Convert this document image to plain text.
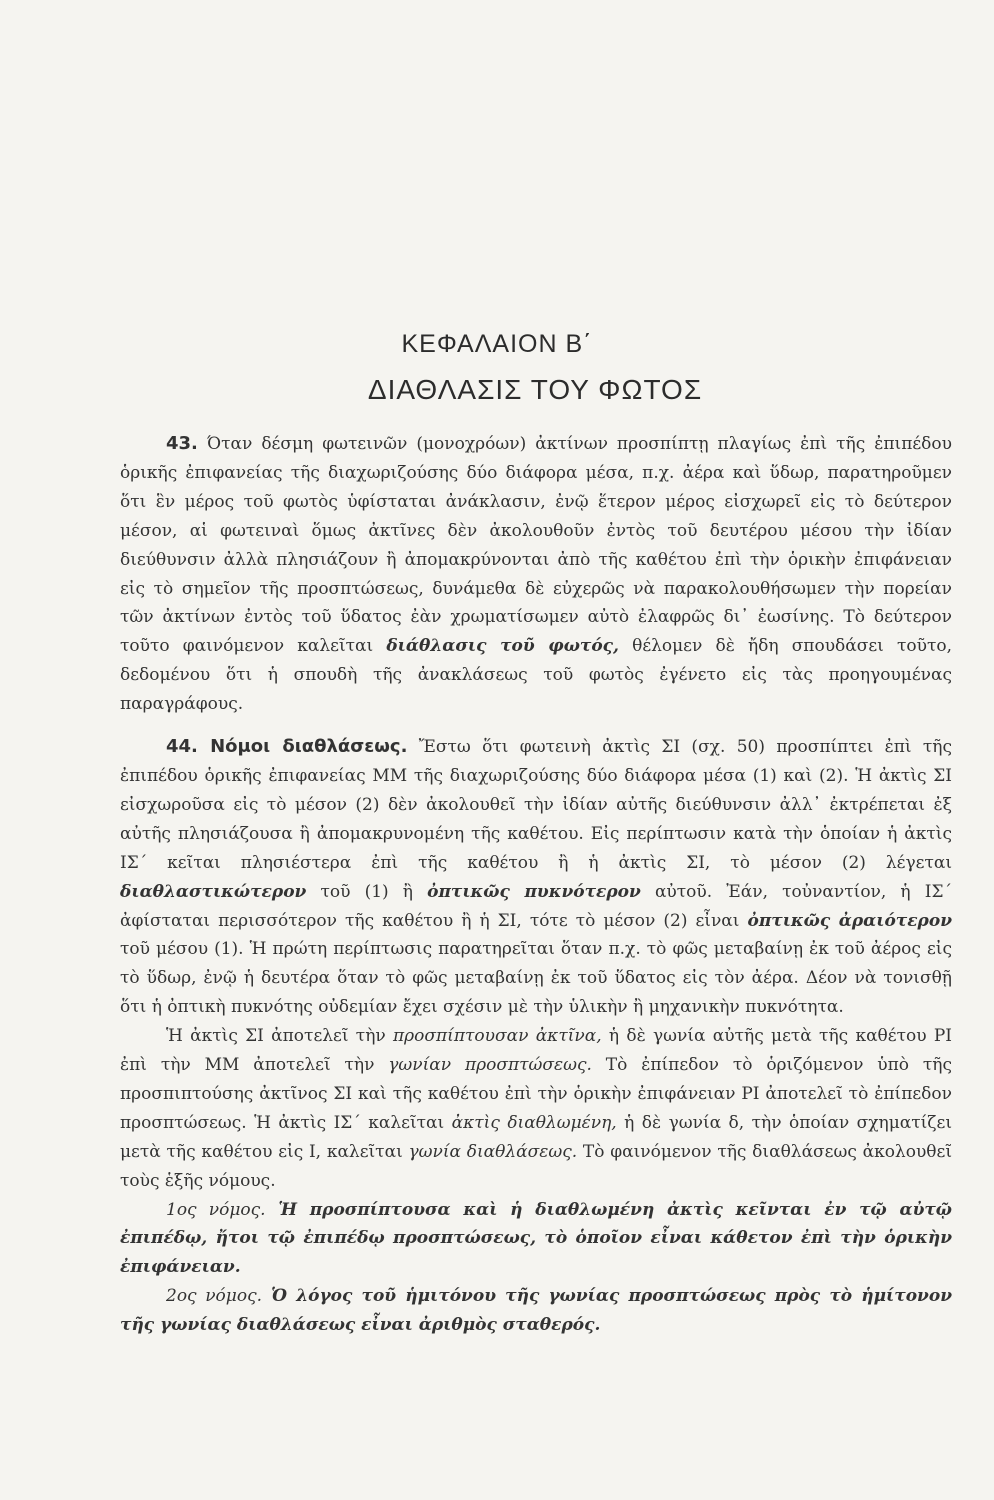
ΚΕΦΑΛΑΙΟΝ Β΄
ΔΙΑΘΛΑΣΙΣ ΤΟΥ ΦΩΤΟΣ

43. Όταν δέσμη φωτεινῶν (μονοχρόων) ἀκτίνων προσπίπτῃ πλαγίως ἐπὶ τῆς ἐπιπέδου ὁρικῆς ἐπιφανείας τῆς διαχωριζούσης δύο διάφορα μέσα, π.χ. ἀέρα καὶ ὕδωρ, παρατηροῦμεν ὅτι ἓν μέρος τοῦ φωτὸς ὑφίσταται ἀνάκλασιν, ἐνῷ ἕτερον μέρος εἰσχωρεῖ εἰς τὸ δεύτερον μέσον, αἱ φωτειναὶ ὅμως ἀκτῖνες δὲν ἀκολουθοῦν ἐντὸς τοῦ δευτέρου μέσου τὴν ἰδίαν διεύθυνσιν ἀλλὰ πλησιάζουν ἢ ἀπομακρύνονται ἀπὸ τῆς καθέτου ἐπὶ τὴν ὁρικὴν ἐπιφάνειαν εἰς τὸ σημεῖον τῆς προσπτώσεως, δυνάμεθα δὲ εὐχερῶς νὰ παρακολουθήσωμεν τὴν πορείαν τῶν ἀκτίνων ἐντὸς τοῦ ὕδατος ἐὰν χρωματίσωμεν αὐτὸ ἐλαφρῶς δι᾽ ἐωσίνης. Τὸ δεύτερον τοῦτο φαινόμενον καλεῖται διάθλασις τοῦ φωτός, θέλομεν δὲ ἤδη σπουδάσει τοῦτο, δεδομένου ὅτι ἡ σπουδὴ τῆς ἀνακλάσεως τοῦ φωτὸς ἐγένετο εἰς τὰς προηγουμένας παραγράφους.

44. Νόμοι διαθλάσεως. Ἔστω ὅτι φωτεινὴ ἀκτὶς ΣΙ (σχ. 50) προσπίπτει ἐπὶ τῆς ἐπιπέδου ὁρικῆς ἐπιφανείας ΜΜ τῆς διαχωριζούσης δύο διάφορα μέσα (1) καὶ (2). Ἡ ἀκτὶς ΣΙ εἰσχωροῦσα εἰς τὸ μέσον (2) δὲν ἀκολουθεῖ τὴν ἰδίαν αὐτῆς διεύθυνσιν ἀλλ᾽ ἐκτρέπεται ἐξ αὐτῆς πλησιάζουσα ἢ ἀπομακρυνομένη τῆς καθέτου. Εἰς περίπτωσιν κατὰ τὴν ὁποίαν ἡ ἀκτὶς ΙΣ΄ κεῖται πλησιέστερα ἐπὶ τῆς καθέτου ἢ ἡ ἀκτὶς ΣΙ, τὸ μέσον (2) λέγεται διαθλαστικώτερον τοῦ (1) ἢ ὀπτικῶς πυκνότερον αὐτοῦ. Ἐάν, τοὐναντίον, ἡ ΙΣ΄ ἀφίσταται περισσότερον τῆς καθέτου ἢ ἡ ΣΙ, τότε τὸ μέσον (2) εἶναι ὀπτικῶς ἀραιότερον τοῦ μέσου (1). Ἡ πρώτη περίπτωσις παρατηρεῖται ὅταν π.χ. τὸ φῶς μεταβαίνῃ ἐκ τοῦ ἀέρος εἰς τὸ ὕδωρ, ἐνῷ ἡ δευτέρα ὅταν τὸ φῶς μεταβαίνῃ ἐκ τοῦ ὕδατος εἰς τὸν ἀέρα. Δέον νὰ τονισθῇ ὅτι ἡ ὀπτικὴ πυκνότης οὐδεμίαν ἔχει σχέσιν μὲ τὴν ὑλικὴν ἢ μηχανικὴν πυκνότητα.

Ἡ ἀκτὶς ΣΙ ἀποτελεῖ τὴν προσπίπτουσαν ἀκτῖνα, ἡ δὲ γωνία αὐτῆς μετὰ τῆς καθέτου ΡΙ ἐπὶ τὴν ΜΜ ἀποτελεῖ τὴν γωνίαν προσπτώσεως. Τὸ ἐπίπεδον τὸ ὁριζόμενον ὑπὸ τῆς προσπιπτούσης ἀκτῖνος ΣΙ καὶ τῆς καθέτου ἐπὶ τὴν ὁρικὴν ἐπιφάνειαν ΡΙ ἀποτελεῖ τὸ ἐπίπεδον προσπτώσεως. Ἡ ἀκτὶς ΙΣ΄ καλεῖται ἀκτὶς διαθλωμένη, ἡ δὲ γωνία δ, τὴν ὁποίαν σχηματίζει μετὰ τῆς καθέτου εἰς Ι, καλεῖται γωνία διαθλάσεως. Τὸ φαινόμενον τῆς διαθλάσεως ἀκολουθεῖ τοὺς ἑξῆς νόμους.

1ος νόμος. Ἡ προσπίπτουσα καὶ ἡ διαθλωμένη ἀκτὶς κεῖνται ἐν τῷ αὐτῷ ἐπιπέδῳ, ἤτοι τῷ ἐπιπέδῳ προσπτώσεως, τὸ ὁποῖον εἶναι κάθετον ἐπὶ τὴν ὁρικὴν ἐπιφάνειαν.

2ος νόμος. Ὁ λόγος τοῦ ἡμιτόνου τῆς γωνίας προσπτώσεως πρὸς τὸ ἡμίτονον τῆς γωνίας διαθλάσεως εἶναι ἀριθμὸς σταθερός.
